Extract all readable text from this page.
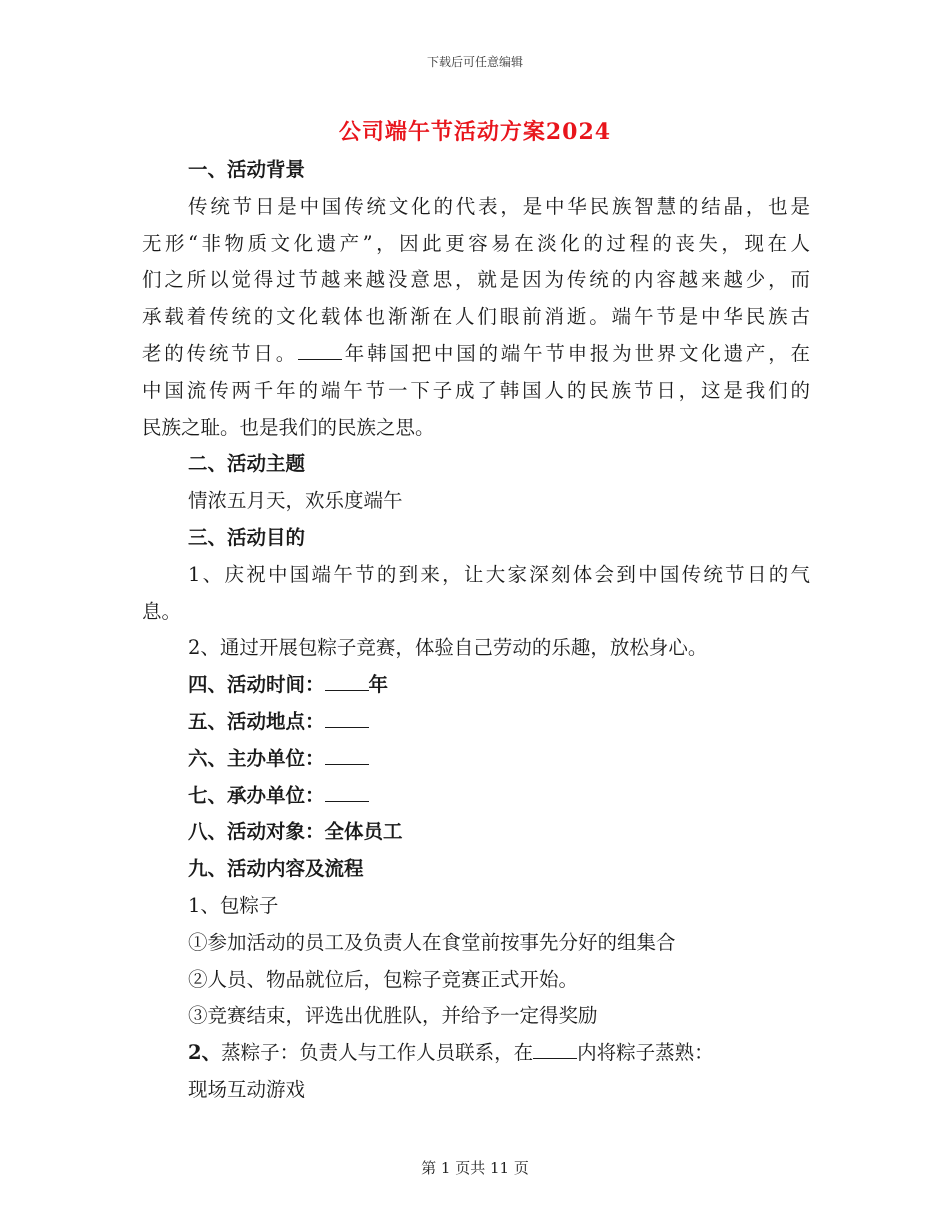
下载后可任意编辑
公司端午节活动方案2024
一、活动背景
传统节日是中国传统文化的代表，是中华民族智慧的结晶，也是
无形“非物质文化遗产”，因此更容易在淡化的过程的丧失，现在人
们之所以觉得过节越来越没意思，就是因为传统的内容越来越少，而
承载着传统的文化载体也渐渐在人们眼前消逝。端午节是中华民族古
老的传统节日。 年韩国把中国的端午节申报为世界文化遗产，在
中国流传两千年的端午节一下子成了韩国人的民族节日，这是我们的
民族之耻。也是我们的民族之思。
二、活动主题
情浓五月天，欢乐度端午
三、活动目的
1、庆祝中国端午节的到来，让大家深刻体会到中国传统节日的气
息。
2、通过开展包粽子竞赛，体验自己劳动的乐趣，放松身心。
四、活动时间： 年
五、活动地点：
六、主办单位：
七、承办单位：
八、活动对象：全体员工
九、活动内容及流程
1、包粽子
①参加活动的员工及负责人在食堂前按事先分好的组集合
②人员、物品就位后，包粽子竞赛正式开始。
③竞赛结束，评选出优胜队，并给予一定得奖励
2、蒸粽子：负责人与工作人员联系，在 内将粽子蒸熟：
现场互动游戏
第 1 页共 11 页
